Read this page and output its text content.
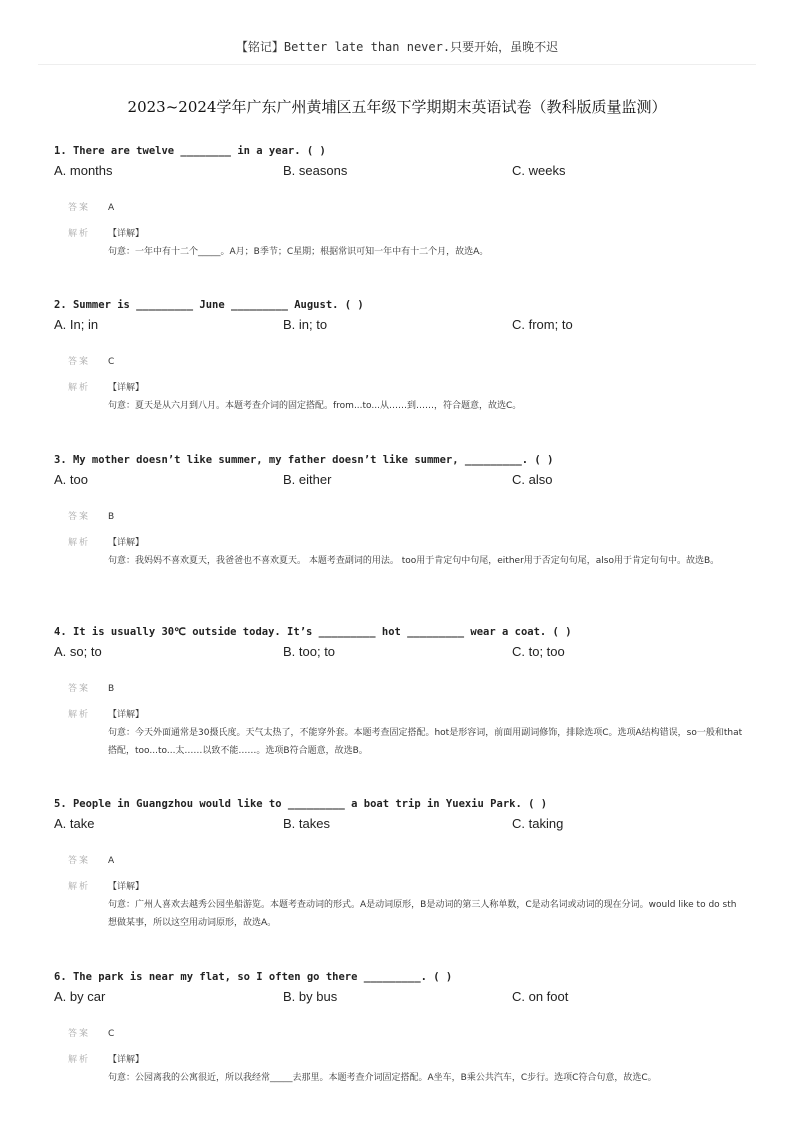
【铭记】Better late than never.只要开始，虽晚不迟
2023~2024学年广东广州黄埔区五年级下学期期末英语试卷（教科版质量监测）
1. There are twelve ________ in a year. ( )
A. months	B. seasons	C. weeks
答案	A
解析	【详解】
句意：一年中有十二个_____。A月；B季节；C星期；根据常识可知一年中有十二个月，故选A。
2. Summer is _________ June _________ August. ( )
A. In; in	B. in; to	C. from; to
答案	C
解析	【详解】
句意：夏天是从六月到八月。本题考查介词的固定搭配。from...to...从……到……，符合题意，故选C。
3. My mother doesn’t like summer, my father doesn’t like summer, _________. ( )
A. too	B. either	C. also
答案	B
解析	【详解】
句意：我妈妈不喜欢夏天，我爸爸也不喜欢夏天。 本题考查副词的用法。 too用于肯定句中句尾，either用于否定句句尾，also用于肯定句句中。故选B。
4. It is usually 30℃ outside today. It’s _________ hot _________ wear a coat. ( )
A. so; to	B. too; to	C. to; too
答案	B
解析	【详解】
句意：今天外面通常是30摄氏度。天气太热了，不能穿外套。本题考查固定搭配。hot是形容词，前面用副词修饰，排除选项C。选项A结构错误，so一般和that搭配，too...to...太……以致不能……。选项B符合题意，故选B。
5. People in Guangzhou would like to _________ a boat trip in Yuexiu Park. ( )
A. take	B. takes	C. taking
答案	A
解析	【详解】
句意：广州人喜欢去越秀公园坐船游览。本题考查动词的形式。A是动词原形，B是动词的第三人称单数，C是动名词或动词的现在分词。would like to do sth想做某事，所以这空用动词原形，故选A。
6. The park is near my flat, so I often go there _________. ( )
A. by car	B. by bus	C. on foot
答案	C
解析	【详解】
句意：公园离我的公寓很近，所以我经常_____去那里。本题考查介词固定搭配。A坐车，B乘公共汽车，C步行。选项C符合句意，故选C。
